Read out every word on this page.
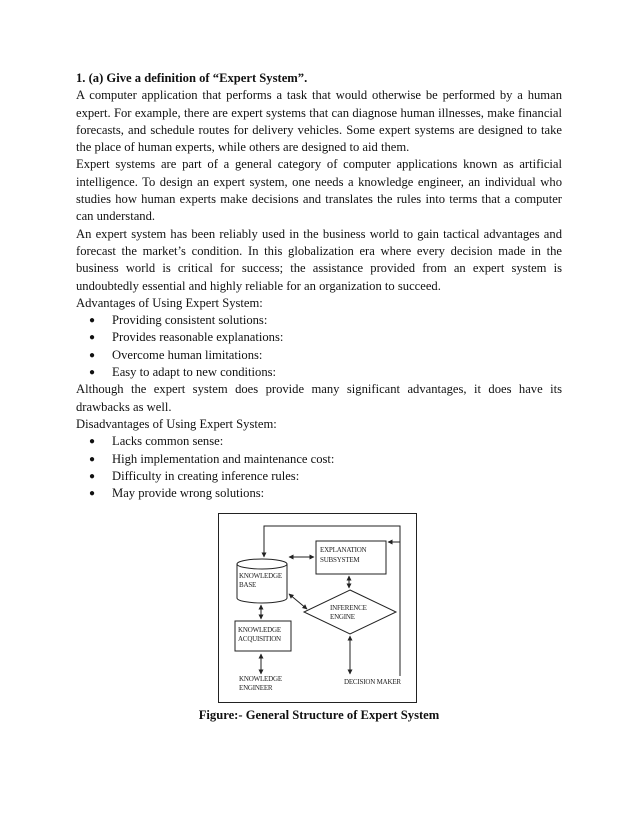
1. (a) Give a definition of “Expert System”.

A computer application that performs a task that would otherwise be performed by a human expert. For example, there are expert systems that can diagnose human illnesses, make financial forecasts, and schedule routes for delivery vehicles. Some expert systems are designed to take the place of human experts, while others are designed to aid them.

Expert systems are part of a general category of computer applications known as artificial intelligence. To design an expert system, one needs a knowledge engineer, an individual who studies how human experts make decisions and translates the rules into terms that a computer can understand.

An expert system has been reliably used in the business world to gain tactical advantages and forecast the market’s condition. In this globalization era where every decision made in the business world is critical for success; the assistance provided from an expert system is undoubtedly essential and highly reliable for an organization to succeed.

Advantages of Using Expert System:

● Providing consistent solutions:
● Provides reasonable explanations:
● Overcome human limitations:
● Easy to adapt to new conditions:

Although the expert system does provide many significant advantages, it does have its drawbacks as well.

Disadvantages of Using Expert System:

● Lacks common sense:
● High implementation and maintenance cost:
● Difficulty in creating inference rules:
● May provide wrong solutions:
EXPLANATION
SUBSYSTEM
KNOWLEDGE
BASE
INFERENCE
ENGINE
KNOWLEDGE
ACQUISITION
KNOWLEDGE
ENGINEER
DECISION MAKER
Figure:- General Structure of Expert System
